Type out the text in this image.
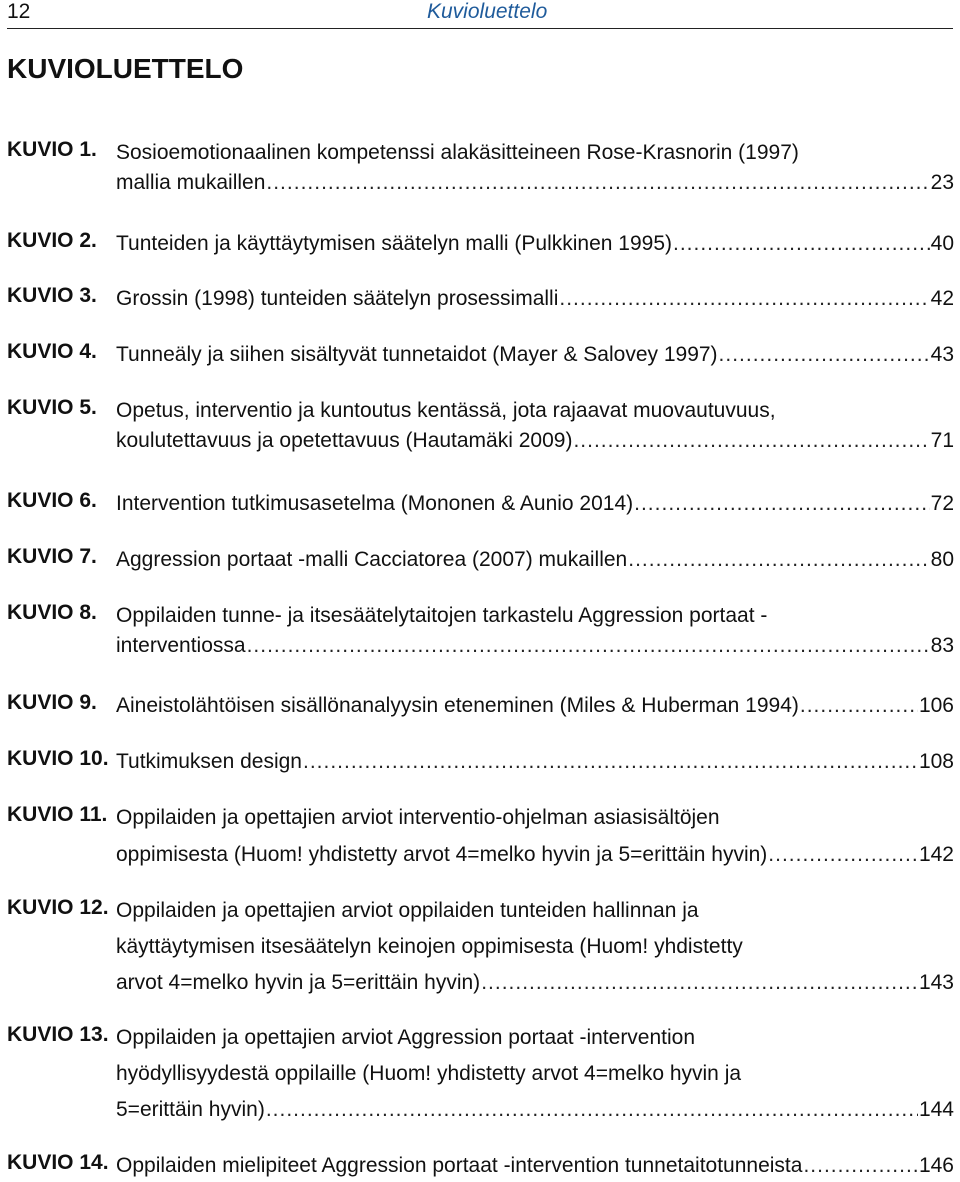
12	Kuvioluettelo
KUVIOLUETTELO
KUVIO 1. Sosioemotionaalinen kompetenssi alakäsitteineen Rose-Krasnorin (1997)
mallia mukaillen .....	23
KUVIO 2. Tunteiden ja käyttäytymisen säätelyn malli (Pulkkinen 1995) .....	40
KUVIO 3. Grossin (1998) tunteiden säätelyn prosessimalli .....	42
KUVIO 4. Tunneäly ja siihen sisältyvät tunnetaidot (Mayer & Salovey 1997) .....	43
KUVIO 5. Opetus, interventio ja kuntoutus kentässä, jota rajaavat muovautuvuus,
koulutettavuus ja opetettavuus (Hautamäki 2009) .....	71
KUVIO 6. Intervention tutkimusasetelma (Mononen & Aunio 2014) .....	72
KUVIO 7. Aggression portaat -malli Cacciatorea (2007) mukaillen .....	80
KUVIO 8. Oppilaiden tunne- ja itsesäätelytaitojen tarkastelu Aggression portaat -
interventiossa .....	83
KUVIO 9. Aineistolähtöisen sisällönanalyysin eteneminen (Miles & Huberman 1994) .....	106
KUVIO 10. Tutkimuksen design .....	108
KUVIO 11. Oppilaiden ja opettajien arviot interventio-ohjelman asiasisältöjen
oppimisesta (Huom! yhdistetty arvot 4=melko hyvin ja 5=erittäin hyvin) .....	142
KUVIO 12. Oppilaiden ja opettajien arviot oppilaiden tunteiden hallinnan ja
käyttäytymisen itsesäätelyn keinojen oppimisesta (Huom! yhdistetty
arvot 4=melko hyvin ja 5=erittäin hyvin) .....	143
KUVIO 13. Oppilaiden ja opettajien arviot Aggression portaat -intervention
hyödyllisyydestä oppilaille (Huom! yhdistetty arvot 4=melko hyvin ja
5=erittäin hyvin) .....	144
KUVIO 14. Oppilaiden mielipiteet Aggression portaat -intervention tunnetaitotunneista .....	146
